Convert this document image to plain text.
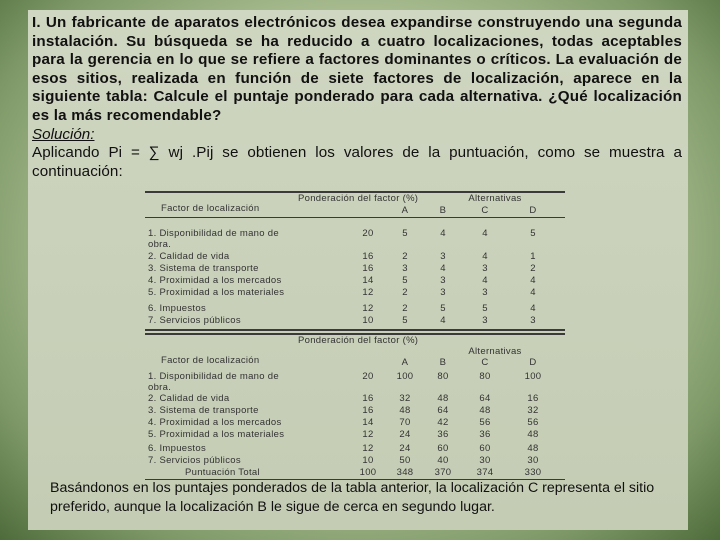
I. Un fabricante de aparatos electrónicos desea expandirse construyendo una segunda instalación. Su búsqueda se ha reducido a cuatro localizaciones, todas aceptables para la gerencia en lo que se refiere a factores dominantes o críticos. La evaluación de esos sitios, realizada en función de siete factores de localización, aparece en la siguiente tabla: Calcule el puntaje ponderado para cada alternativa. ¿Qué localización es la más recomendable?
Solución:
Aplicando Pi = ∑ wj .Pij se obtienen los valores de la puntuación, como se muestra a continuación:
Ponderación del factor (%)
Factor de localización
Alternativas
A	B	C	D
1. Disponibilidad de mano de obra.
20	5	4	4	5
2. Calidad de vida	16	2	3	4	1
3. Sistema de transporte	16	3	4	3	2
4. Proximidad a los mercados	14	5	3	4	4
5. Proximidad a los materiales	12	2	3	3	4
6. Impuestos	12	2	5	5	4
7. Servicios públicos	10	5	4	3	3
Ponderación del factor (%)
Factor de localización
Alternativas
A	B	C	D
1. Disponibilidad de mano de obra.
20	100	80	80	100
2. Calidad de vida	16	32	48	64	16
3. Sistema de transporte	16	48	64	48	32
4. Proximidad a los mercados	14	70	42	56	56
5. Proximidad a los materiales	12	24	36	36	48
6. Impuestos	12	24	60	60	48
7. Servicios públicos	10	50	40	30	30
Puntuación Total	100	348	370	374	330
Basándonos en los puntajes ponderados de la tabla anterior, la localización C representa el sitio preferido, aunque la localización B le sigue de cerca en segundo lugar.
